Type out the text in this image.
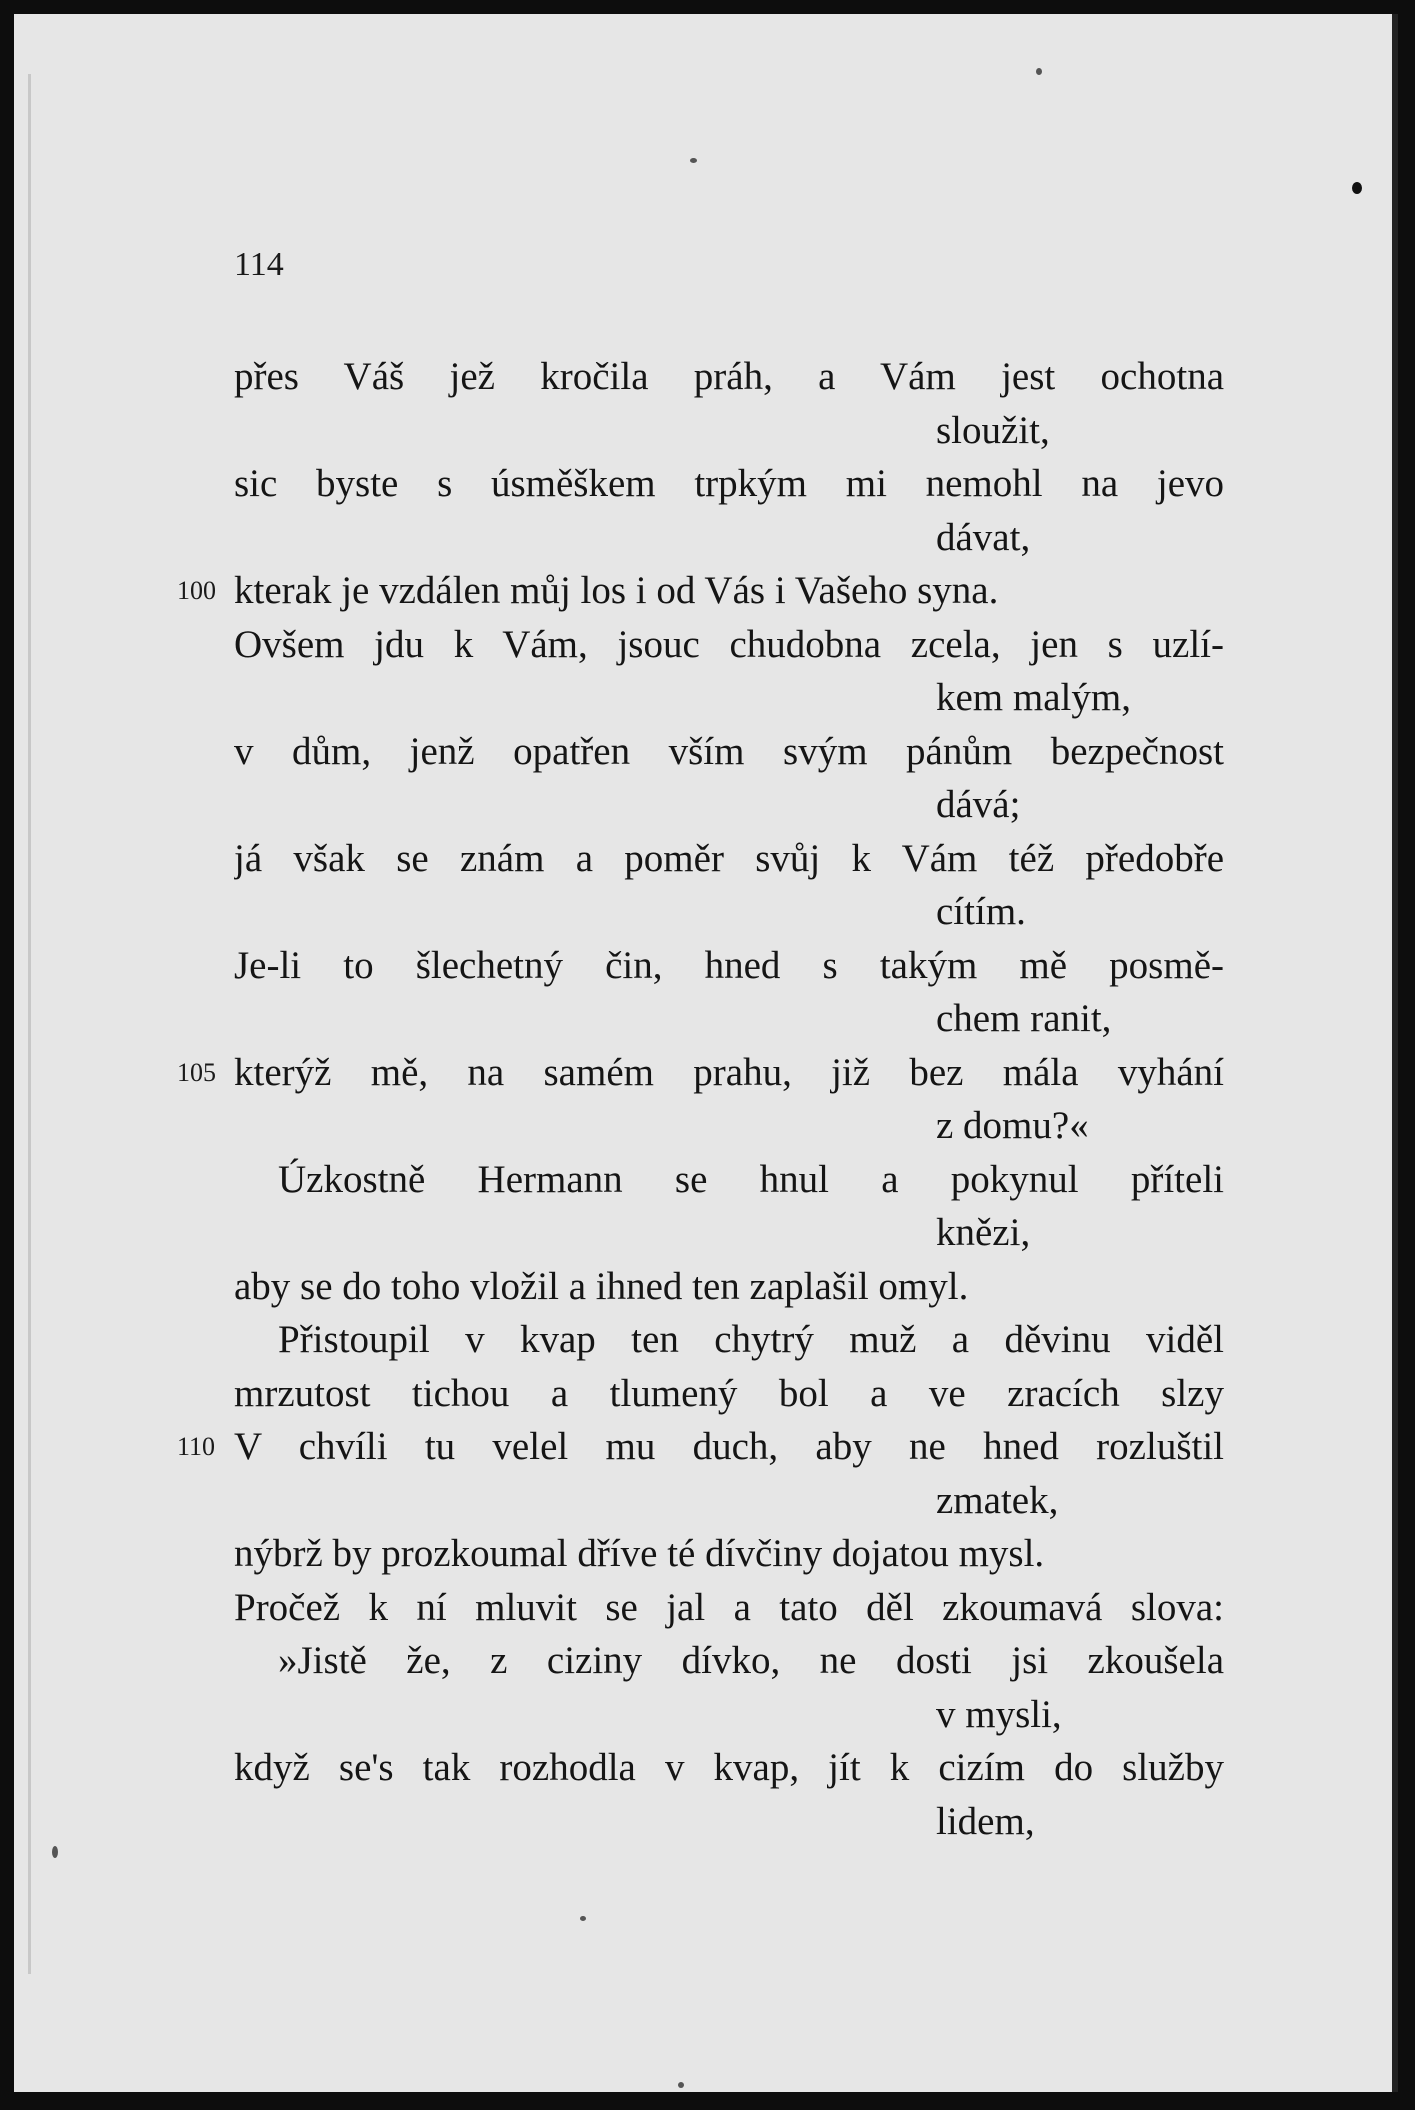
114
přes Váš jež kročila práh, a Vám jest ochotna
sloužit,
sic byste s úsměškem trpkým mi nemohl na jevo
dávat,
100 kterak je vzdálen můj los i od Vás i Vašeho syna.
Ovšem jdu k Vám, jsouc chudobna zcela, jen s uzlí-
kem malým,
v dům, jenž opatřen vším svým pánům bezpečnost
dává;
já však se znám a poměr svůj k Vám též předobře
cítím.
Je-li to šlechetný čin, hned s takým mě posmě-
chem ranit,
105 kterýž mě, na samém prahu, již bez mála vyhání
z domu?«
Úzkostně Hermann se hnul a pokynul příteli
knězi,
aby se do toho vložil a ihned ten zaplašil omyl.
Přistoupil v kvap ten chytrý muž a děvinu viděl
mrzutost tichou a tlumený bol a ve zracích slzy
110 V chvíli tu velel mu duch, aby ne hned rozluštil
zmatek,
nýbrž by prozkoumal dříve té dívčiny dojatou mysl.
Pročež k ní mluvit se jal a tato děl zkoumavá slova:
»Jistě že, z ciziny dívko, ne dosti jsi zkoušela
v mysli,
když se's tak rozhodla v kvap, jít k cizím do služby
lidem,
